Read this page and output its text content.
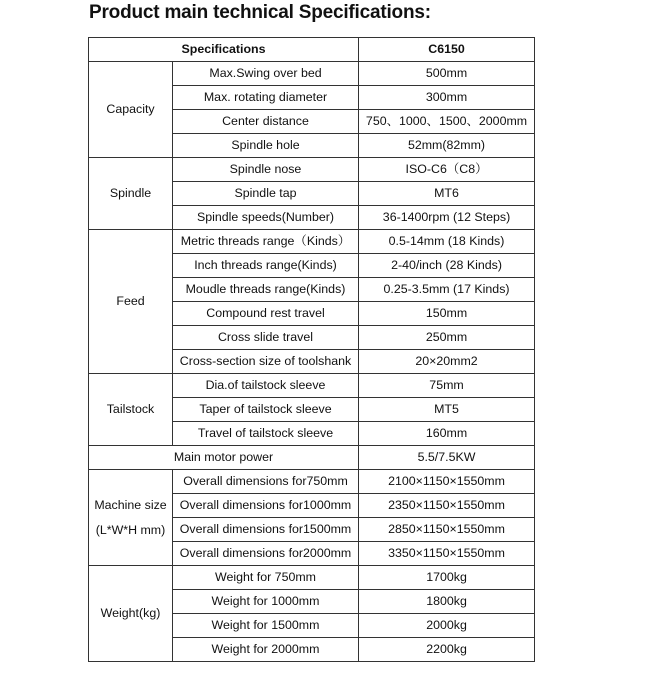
Product main technical Specifications:
Specifications		C6150
Capacity	Max.Swing over bed	500mm
	Max. rotating diameter	300mm
	Center distance	750、1000、1500、2000mm
	Spindle hole	52mm(82mm)
Spindle	Spindle nose	ISO-C6（C8）
	Spindle tap	MT6
	Spindle speeds(Number)	36-1400rpm (12 Steps)
Feed	Metric threads range（Kinds）	0.5-14mm (18 Kinds)
	Inch threads range(Kinds)	2-40/inch (28 Kinds)
	Moudle threads range(Kinds)	0.25-3.5mm (17 Kinds)
	Compound rest travel	150mm
	Cross slide travel	250mm
	Cross-section size of toolshank	20×20mm2
Tailstock	Dia.of tailstock sleeve	75mm
	Taper of tailstock sleeve	MT5
	Travel of tailstock sleeve	160mm
Main motor power		5.5/7.5KW
Machine size (L*W*H mm)	Overall dimensions for750mm	2100×1150×1550mm
	Overall dimensions for1000mm	2350×1150×1550mm
	Overall dimensions for1500mm	2850×1150×1550mm
	Overall dimensions for2000mm	3350×1150×1550mm
Weight(kg)	Weight for 750mm	1700kg
	Weight for 1000mm	1800kg
	Weight for 1500mm	2000kg
	Weight for 2000mm	2200kg
